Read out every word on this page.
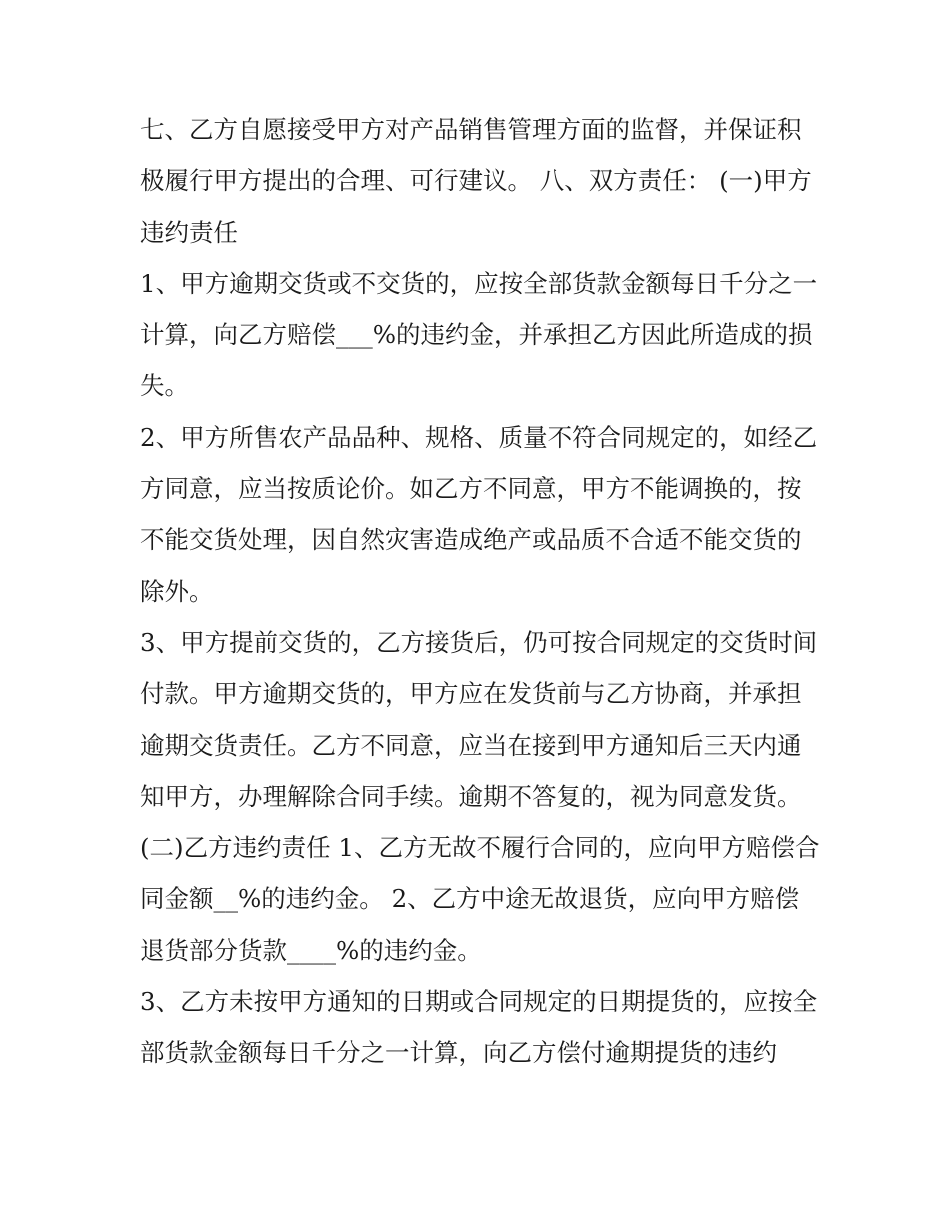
七、乙方自愿接受甲方对产品销售管理方面的监督，并保证积极履行甲方提出的合理、可行建议。 八、双方责任： (一)甲方违约责任

1、甲方逾期交货或不交货的，应按全部货款金额每日千分之一计算，向乙方赔偿___%的违约金，并承担乙方因此所造成的损失。

2、甲方所售农产品品种、规格、质量不符合同规定的，如经乙方同意，应当按质论价。如乙方不同意，甲方不能调换的，按不能交货处理，因自然灾害造成绝产或品质不合适不能交货的除外。

3、甲方提前交货的，乙方接货后，仍可按合同规定的交货时间付款。甲方逾期交货的，甲方应在发货前与乙方协商，并承担逾期交货责任。乙方不同意，应当在接到甲方通知后三天内通知甲方，办理解除合同手续。逾期不答复的，视为同意发货。

(二)乙方违约责任 1、乙方无故不履行合同的，应向甲方赔偿合同金额__%的违约金。 2、乙方中途无故退货，应向甲方赔偿退货部分货款____%的违约金。

3、乙方未按甲方通知的日期或合同规定的日期提货的，应按全部货款金额每日千分之一计算，向乙方偿付逾期提货的违约
